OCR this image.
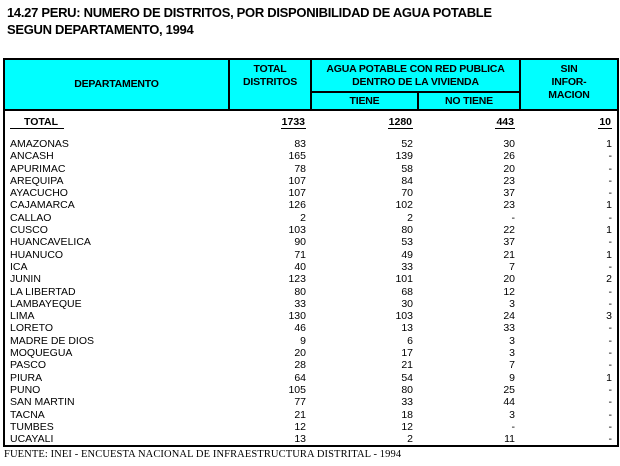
14.27 PERU: NUMERO DE DISTRITOS, POR DISPONIBILIDAD DE AGUA POTABLE
SEGUN DEPARTAMENTO, 1994
DEPARTAMENTO	
TOTAL
DISTRITOS

AGUA POTABLE CON RED PUBLICA
DENTRO DE LA VIVIENDA

SIN
INFOR-
MACION

		TIENE	NO TIENE	
TOTAL	1733	1280	443	10

AMAZONAS	83	52	30	1
ANCASH	165	139	26	-
APURIMAC	78	58	20	-
AREQUIPA	107	84	23	-
AYACUCHO	107	70	37	-
CAJAMARCA	126	102	23	1
CALLAO	2	2	-	-
CUSCO	103	80	22	1
HUANCAVELICA	90	53	37	-
HUANUCO	71	49	21	1
ICA	40	33	7	-
JUNIN	123	101	20	2
LA LIBERTAD	80	68	12	-
LAMBAYEQUE	33	30	3	-
LIMA	130	103	24	3
LORETO	46	13	33	-
MADRE DE DIOS	9	6	3	-
MOQUEGUA	20	17	3	-
PASCO	28	21	7	-
PIURA	64	54	9	1
PUNO	105	80	25	-
SAN MARTIN	77	33	44	-
TACNA	21	18	3	-
TUMBES	12	12	-	-
UCAYALI	13	2	11	-
FUENTE: INEI - ENCUESTA NACIONAL DE INFRAESTRUCTURA DISTRITAL - 1994
